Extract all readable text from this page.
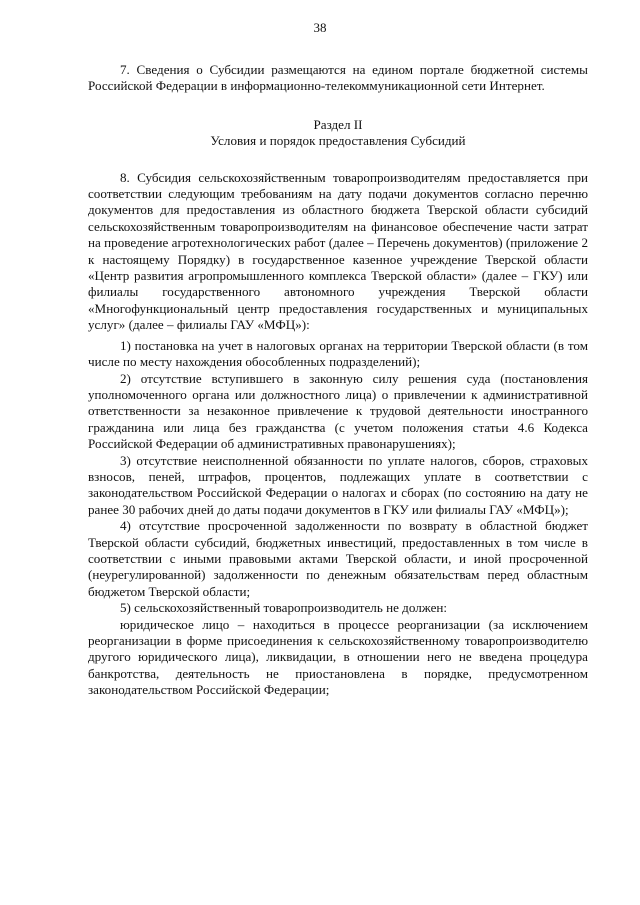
38

7. Сведения о Субсидии размещаются на едином портале бюджетной системы Российской Федерации в информационно-телекоммуникационной сети Интернет.

Раздел II
Условия и порядок предоставления Субсидий

8. Субсидия сельскохозяйственным товаропроизводителям предоставляется при соответствии следующим требованиям на дату подачи документов согласно перечню документов для предоставления из областного бюджета Тверской области субсидий сельскохозяйственным товаропроизводителям на финансовое обеспечение части затрат на проведение агротехнологических работ (далее – Перечень документов) (приложение 2 к настоящему Порядку) в государственное казенное учреждение Тверской области «Центр развития агропромышленного комплекса Тверской области» (далее – ГКУ) или филиалы государственного автономного учреждения Тверской области «Многофункциональный центр предоставления государственных и муниципальных услуг» (далее – филиалы ГАУ «МФЦ»):

1) постановка на учет в налоговых органах на территории Тверской области (в том числе по месту нахождения обособленных подразделений);

2) отсутствие вступившего в законную силу решения суда (постановления уполномоченного органа или должностного лица) о привлечении к административной ответственности за незаконное привлечение к трудовой деятельности иностранного гражданина или лица без гражданства (с учетом положения статьи 4.6 Кодекса Российской Федерации об административных правонарушениях);

3) отсутствие неисполненной обязанности по уплате налогов, сборов, страховых взносов, пеней, штрафов, процентов, подлежащих уплате в соответствии с законодательством Российской Федерации о налогах и сборах (по состоянию на дату не ранее 30 рабочих дней до даты подачи документов в ГКУ или филиалы ГАУ «МФЦ»);

4) отсутствие просроченной задолженности по возврату в областной бюджет Тверской области субсидий, бюджетных инвестиций, предоставленных в том числе в соответствии с иными правовыми актами Тверской области, и иной просроченной (неурегулированной) задолженности по денежным обязательствам перед областным бюджетом Тверской области;

5) сельскохозяйственный товаропроизводитель не должен:

юридическое лицо – находиться в процессе реорганизации (за исключением реорганизации в форме присоединения к сельскохозяйственному товаропроизводителю другого юридического лица), ликвидации, в отношении него не введена процедура банкротства, деятельность не приостановлена в порядке, предусмотренном законодательством Российской Федерации;
